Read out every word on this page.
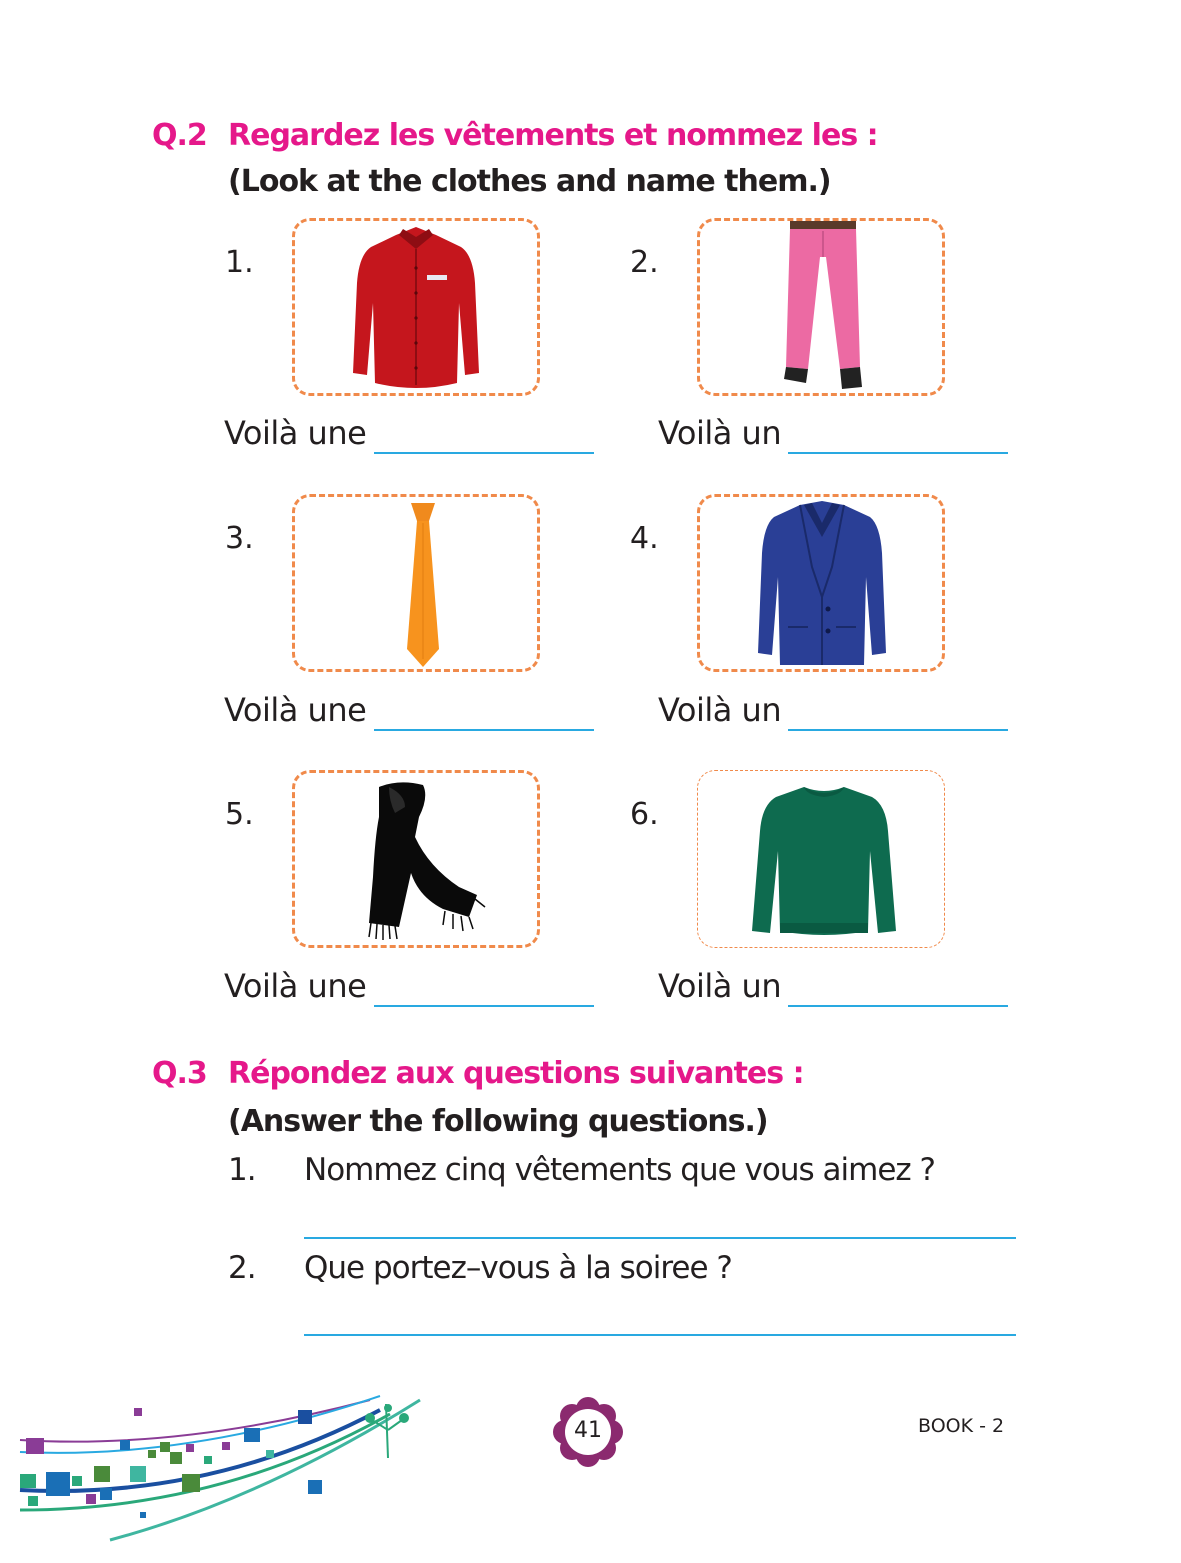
Q.2 Regardez les vêtements et nommez les :
(Look at the clothes and name them.)
1.
Voilà une
2.
Voilà un
3.
Voilà une
4.
Voilà un
5.
Voilà une
6.
Voilà un
Q.3 Répondez aux questions suivantes :
(Answer the following questions.)
1. Nommez cinq vêtements que vous aimez ?
2. Que portez–vous à la soiree ?
41	BOOK - 2
